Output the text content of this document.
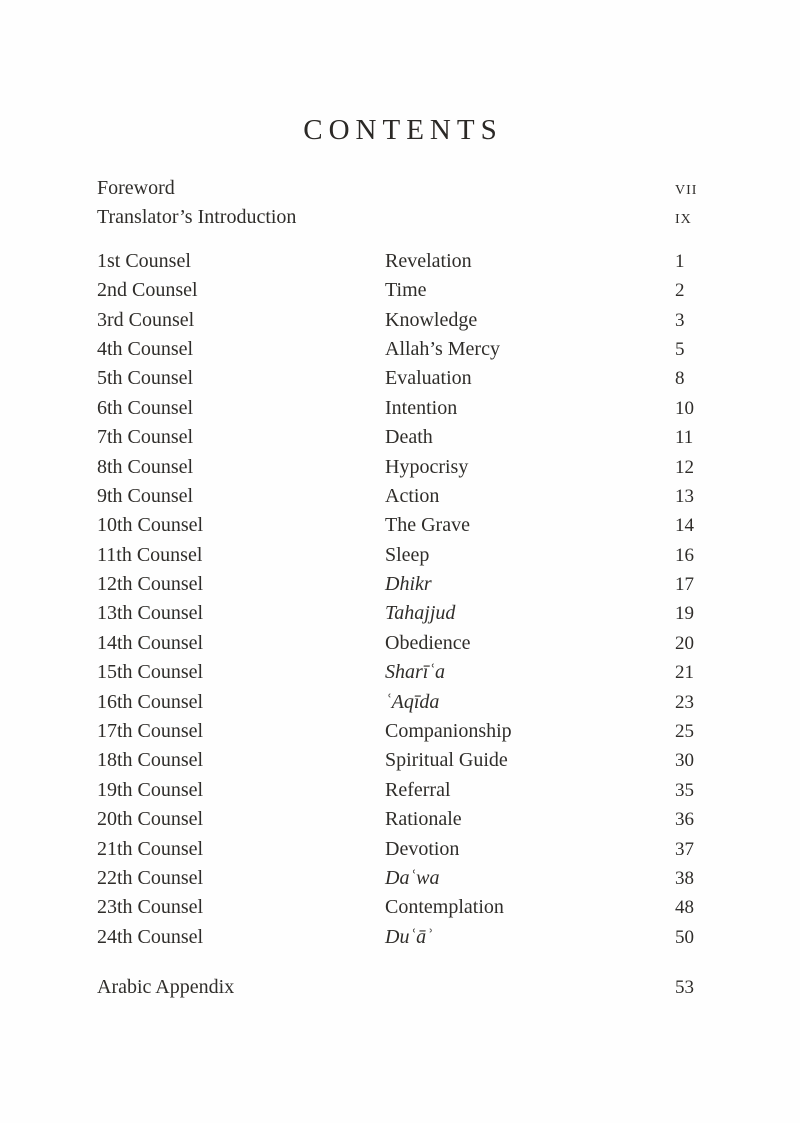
CONTENTS
Foreword	vii
Translator’s Introduction	ix
1st Counsel	Revelation	1
2nd Counsel	Time	2
3rd Counsel	Knowledge	3
4th Counsel	Allah’s Mercy	5
5th Counsel	Evaluation	8
6th Counsel	Intention	10
7th Counsel	Death	11
8th Counsel	Hypocrisy	12
9th Counsel	Action	13
10th Counsel	The Grave	14
11th Counsel	Sleep	16
12th Counsel	Dhikr	17
13th Counsel	Tahajjud	19
14th Counsel	Obedience	20
15th Counsel	Sharīʿa	21
16th Counsel	ʿAqīda	23
17th Counsel	Companionship	25
18th Counsel	Spiritual Guide	30
19th Counsel	Referral	35
20th Counsel	Rationale	36
21th Counsel	Devotion	37
22th Counsel	Daʿwa	38
23th Counsel	Contemplation	48
24th Counsel	Duʿāʾ	50
Arabic Appendix	53
